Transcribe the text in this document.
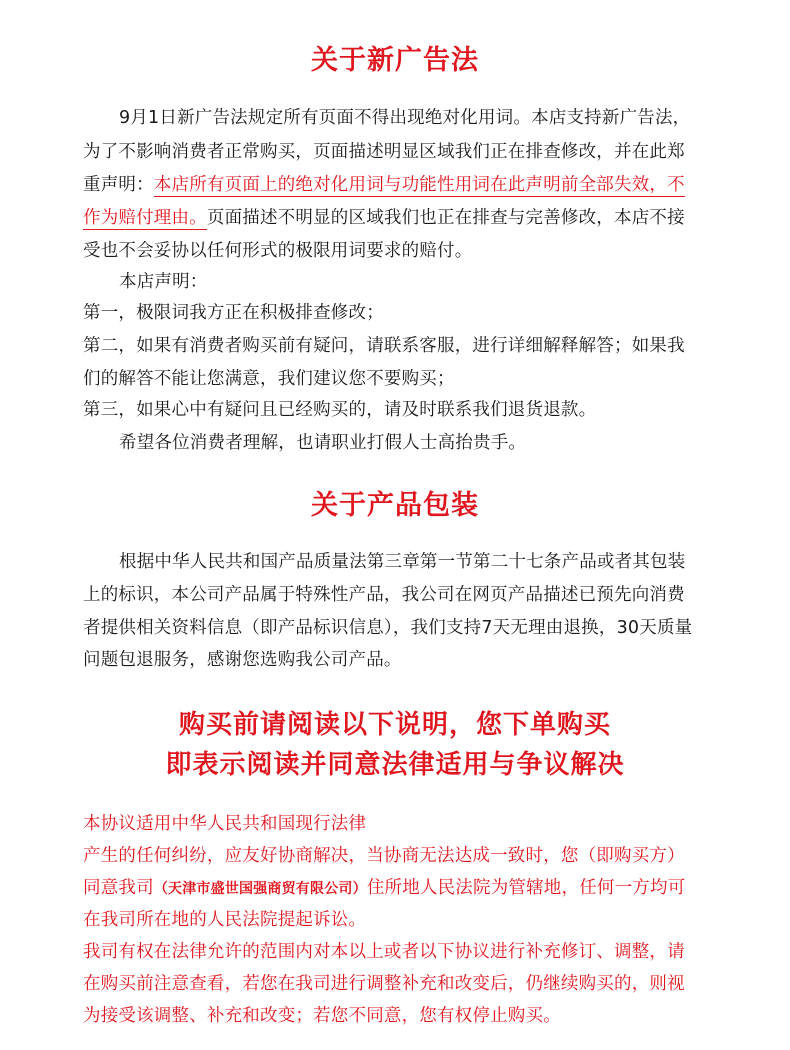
关于新广告法
9月1日新广告法规定所有页面不得出现绝对化用词。本店支持新广告法，
为了不影响消费者正常购买，页面描述明显区域我们正在排查修改，并在此郑
重声明：本店所有页面上的绝对化用词与功能性用词在此声明前全部失效，不
作为赔付理由。页面描述不明显的区域我们也正在排查与完善修改，本店不接
受也不会妥协以任何形式的极限用词要求的赔付。
本店声明：
第一，极限词我方正在积极排查修改；
第二，如果有消费者购买前有疑问，请联系客服，进行详细解释解答；如果我
们的解答不能让您满意，我们建议您不要购买；
第三，如果心中有疑问且已经购买的，请及时联系我们退货退款。
希望各位消费者理解，也请职业打假人士高抬贵手。
关于产品包装
根据中华人民共和国产品质量法第三章第一节第二十七条产品或者其包装
上的标识，本公司产品属于特殊性产品，我公司在网页产品描述已预先向消费
者提供相关资料信息（即产品标识信息），我们支持7天无理由退换，30天质量
问题包退服务，感谢您选购我公司产品。
购买前请阅读以下说明，您下单购买
即表示阅读并同意法律适用与争议解决
本协议适用中华人民共和国现行法律
产生的任何纠纷，应友好协商解决，当协商无法达成一致时，您（即购买方）
同意我司（天津市盛世国强商贸有限公司）住所地人民法院为管辖地，任何一方均可
在我司所在地的人民法院提起诉讼。
我司有权在法律允许的范围内对本以上或者以下协议进行补充修订、调整，请
在购买前注意查看，若您在我司进行调整补充和改变后，仍继续购买的，则视
为接受该调整、补充和改变；若您不同意，您有权停止购买。
